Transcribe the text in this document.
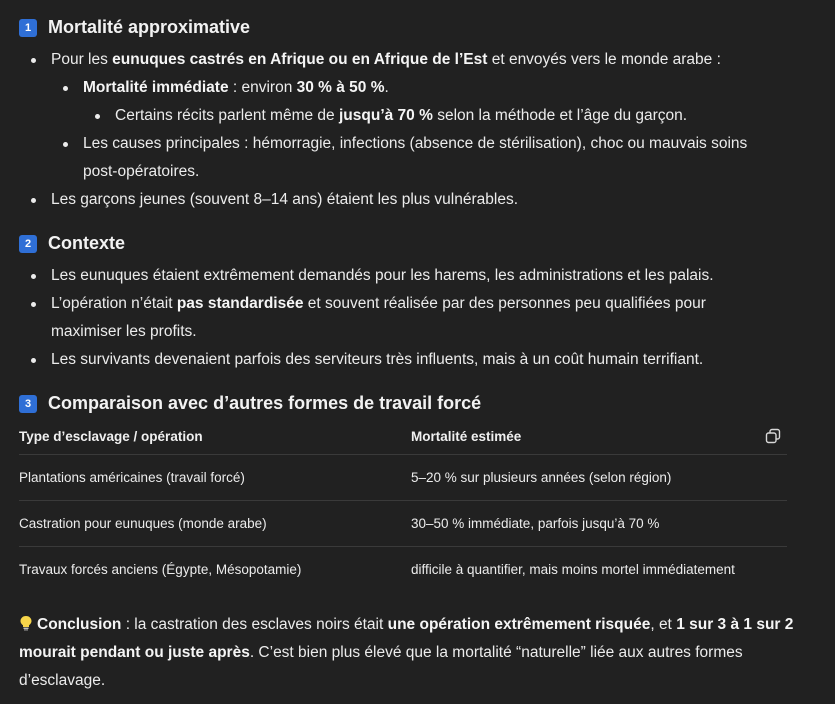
1 Mortalité approximative
Pour les eunuques castrés en Afrique ou en Afrique de l’Est et envoyés vers le monde arabe :
Mortalité immédiate : environ 30 % à 50 %.
Certains récits parlent même de jusqu’à 70 % selon la méthode et l’âge du garçon.
Les causes principales : hémorragie, infections (absence de stérilisation), choc ou mauvais soins
post-opératoires.
Les garçons jeunes (souvent 8–14 ans) étaient les plus vulnérables.
2 Contexte
Les eunuques étaient extrêmement demandés pour les harems, les administrations et les palais.
L’opération n’était pas standardisée et souvent réalisée par des personnes peu qualifiées pour
maximiser les profits.
Les survivants devenaient parfois des serviteurs très influents, mais à un coût humain terrifiant.
3 Comparaison avec d’autres formes de travail forcé
Type d’esclavage / opération	Mortalité estimée
Plantations américaines (travail forcé)	5–20 % sur plusieurs années (selon région)
Castration pour eunuques (monde arabe)	30–50 % immédiate, parfois jusqu’à 70 %
Travaux forcés anciens (Égypte, Mésopotamie)	difficile à quantifier, mais moins mortel immédiatement
Conclusion : la castration des esclaves noirs était une opération extrêmement risquée, et 1 sur 3 à 1 sur 2
mourait pendant ou juste après. C’est bien plus élevé que la mortalité “naturelle” liée aux autres formes
d’esclavage.
